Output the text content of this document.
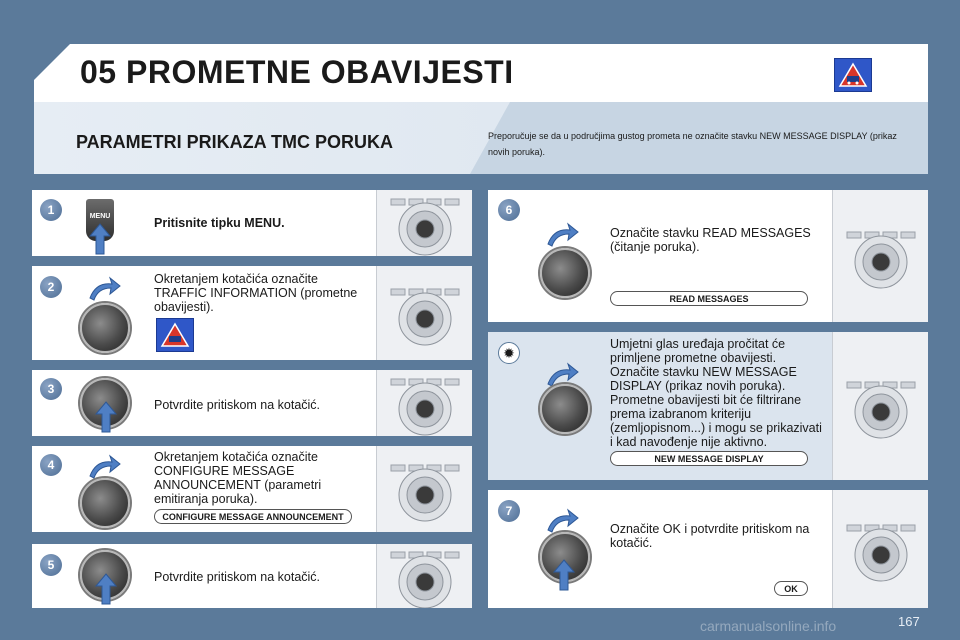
05 PROMETNE OBAVIJESTI
PARAMETRI PRIKAZA TMC PORUKA	Preporučuje se da u područjima gustog prometa ne označite stavku NEW MESSAGE DISPLAY (prikaz novih poruka).
1	MENU	Pritisnite tipku MENU.
2
Okretanjem kotačića označite TRAFFIC INFORMATION (prometne obavijesti).
3
Potvrdite pritiskom na kotačić.
4
Okretanjem kotačića označite CONFIGURE MESSAGE ANNOUNCEMENT (parametri emitiranja poruka).
CONFIGURE MESSAGE ANNOUNCEMENT
5
Potvrdite pritiskom na kotačić.
6
Označite stavku READ MESSAGES (čitanje poruka).
READ MESSAGES
✹
Umjetni glas uređaja pročitat će primljene prometne obavijesti. Označite stavku NEW MESSAGE DISPLAY (prikaz novih poruka). Prometne obavijesti bit će filtrirane prema izabranom kriteriju (zemljopisnom...) i mogu se prikazivati i kad navođenje nije aktivno.
NEW MESSAGE DISPLAY
7
Označite OK i potvrdite pritiskom na kotačić.
OK
carmanualsonline.info	167
